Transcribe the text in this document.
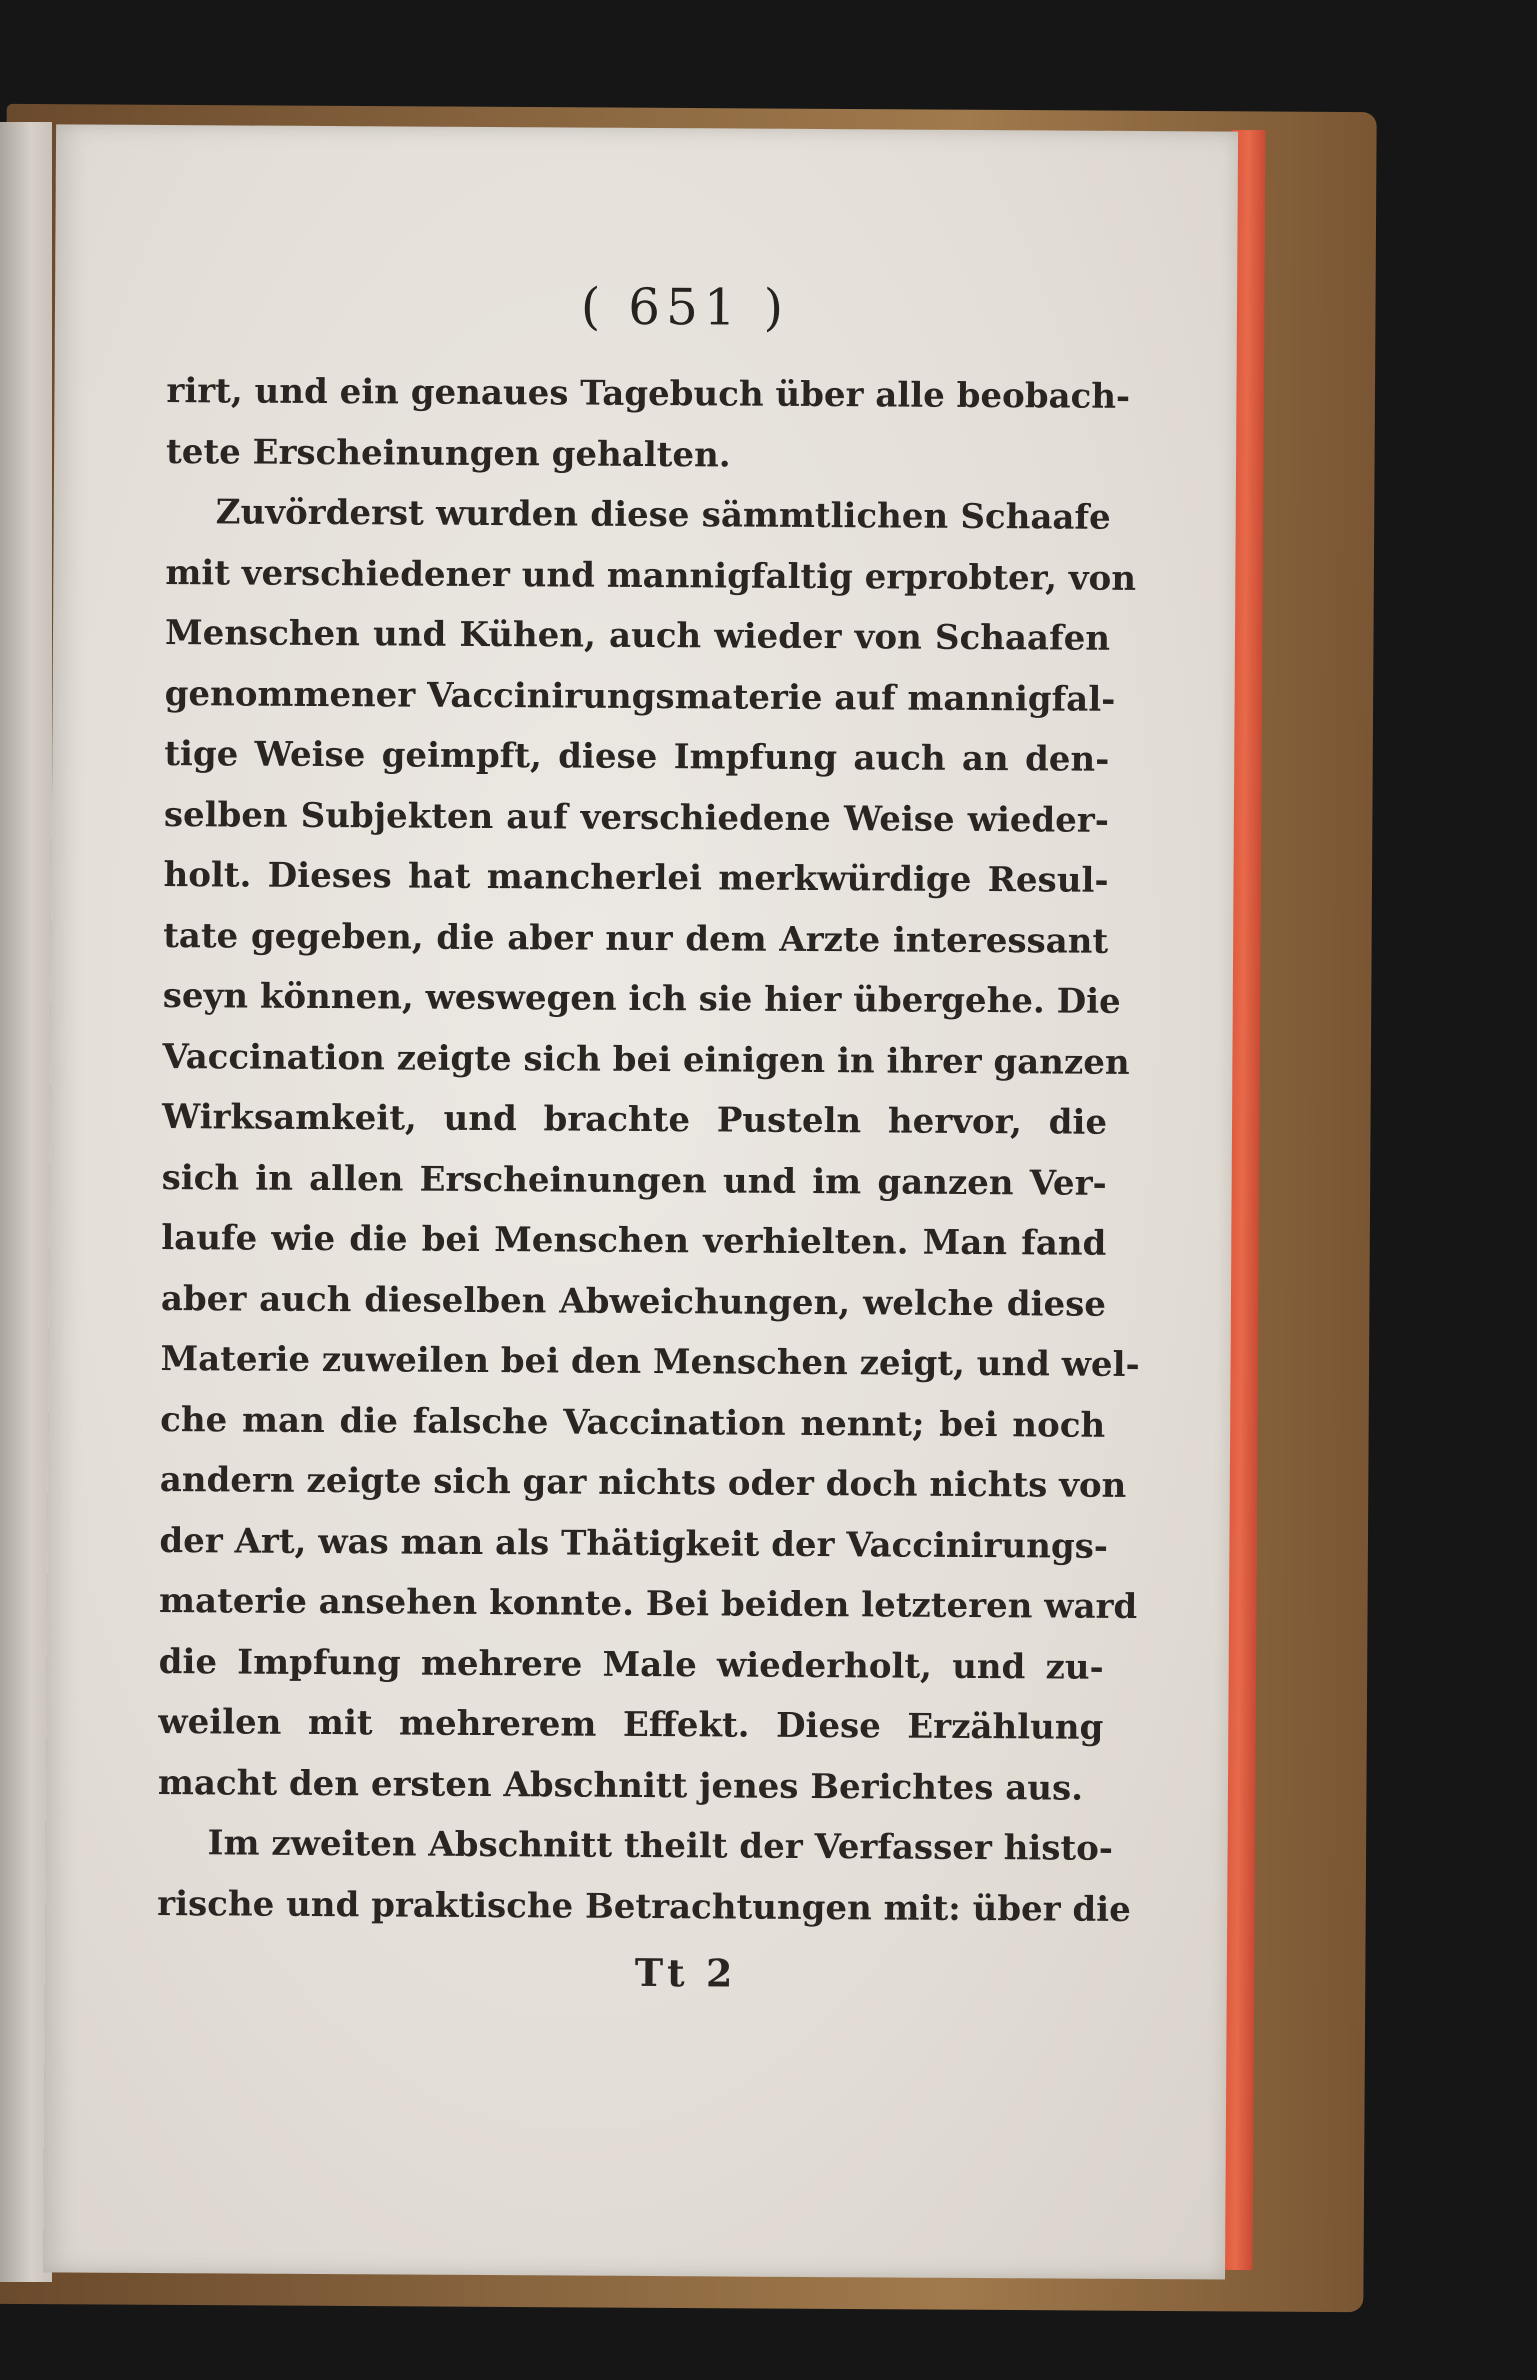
( 651 )
rirt, und ein genaues Tagebuch über alle beobach-
tete Erscheinungen gehalten.
Zuvörderst wurden diese sämmtlichen Schaafe
mit verschiedener und mannigfaltig erprobter, von
Menschen und Kühen, auch wieder von Schaafen
genommener Vaccinirungsmaterie auf mannigfal-
tige Weise geimpft, diese Impfung auch an den-
selben Subjekten auf verschiedene Weise wieder-
holt. Dieses hat mancherlei merkwürdige Resul-
tate gegeben, die aber nur dem Arzte interessant
seyn können, weswegen ich sie hier übergehe. Die
Vaccination zeigte sich bei einigen in ihrer ganzen
Wirksamkeit, und brachte Pusteln hervor, die
sich in allen Erscheinungen und im ganzen Ver-
laufe wie die bei Menschen verhielten. Man fand
aber auch dieselben Abweichungen, welche diese
Materie zuweilen bei den Menschen zeigt, und wel-
che man die falsche Vaccination nennt; bei noch
andern zeigte sich gar nichts oder doch nichts von
der Art, was man als Thätigkeit der Vaccinirungs-
materie ansehen konnte. Bei beiden letzteren ward
die Impfung mehrere Male wiederholt, und zu-
weilen mit mehrerem Effekt. Diese Erzählung
macht den ersten Abschnitt jenes Berichtes aus.
Im zweiten Abschnitt theilt der Verfasser histo-
rische und praktische Betrachtungen mit: über die
Tt 2
